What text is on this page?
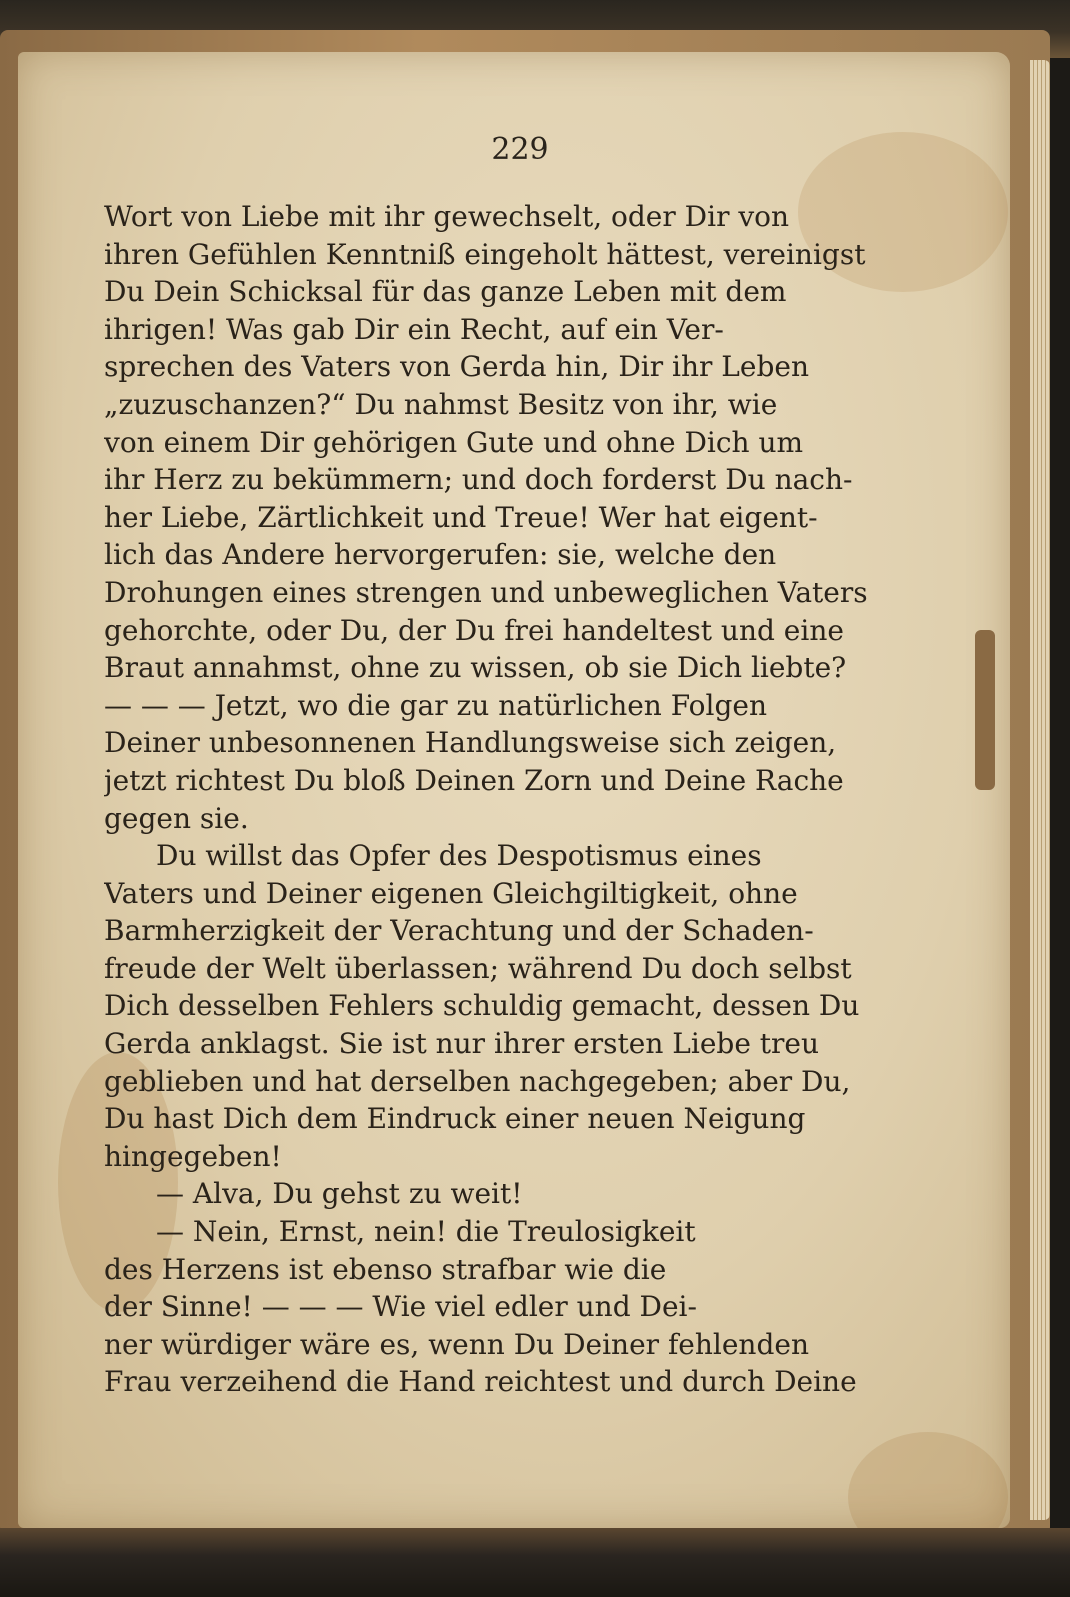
229
Wort von Liebe mit ihr gewechselt, oder Dir von
ihren Gefühlen Kenntniß eingeholt hättest, vereinigst
Du Dein Schicksal für das ganze Leben mit dem
ihrigen! Was gab Dir ein Recht, auf ein Ver-
sprechen des Vaters von Gerda hin, Dir ihr Leben
„zuzuschanzen?“ Du nahmst Besitz von ihr, wie
von einem Dir gehörigen Gute und ohne Dich um
ihr Herz zu bekümmern; und doch forderst Du nach-
her Liebe, Zärtlichkeit und Treue! Wer hat eigent-
lich das Andere hervorgerufen: sie, welche den
Drohungen eines strengen und unbeweglichen Vaters
gehorchte, oder Du, der Du frei handeltest und eine
Braut annahmst, ohne zu wissen, ob sie Dich liebte?
— — — Jetzt, wo die gar zu natürlichen Folgen
Deiner unbesonnenen Handlungsweise sich zeigen,
jetzt richtest Du bloß Deinen Zorn und Deine Rache
gegen sie.
Du willst das Opfer des Despotismus eines
Vaters und Deiner eigenen Gleichgiltigkeit, ohne
Barmherzigkeit der Verachtung und der Schaden-
freude der Welt überlassen; während Du doch selbst
Dich desselben Fehlers schuldig gemacht, dessen Du
Gerda anklagst. Sie ist nur ihrer ersten Liebe treu
geblieben und hat derselben nachgegeben; aber Du,
Du hast Dich dem Eindruck einer neuen Neigung
hingegeben!
— Alva, Du gehst zu weit!
— Nein, Ernst, nein! die Treulosigkeit
des Herzens ist ebenso strafbar wie die
der Sinne! — — — Wie viel edler und Dei-
ner würdiger wäre es, wenn Du Deiner fehlenden
Frau verzeihend die Hand reichtest und durch Deine
